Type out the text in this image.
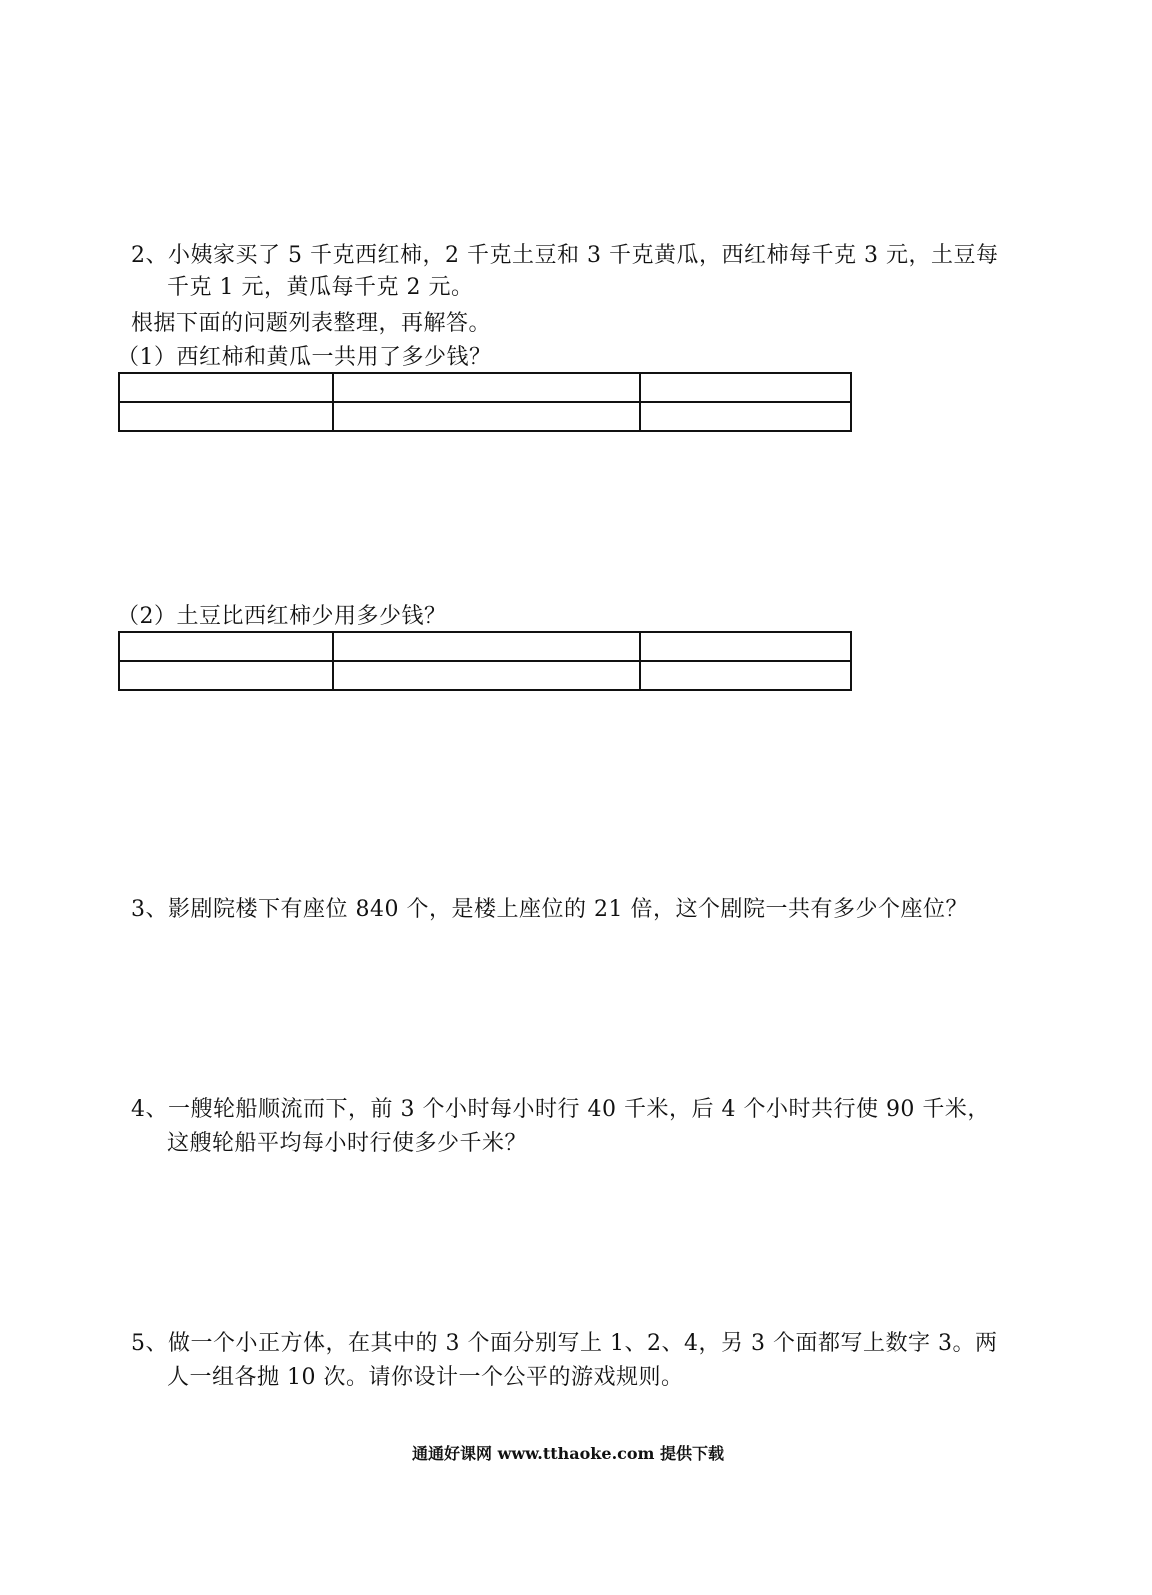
2、小姨家买了 5 千克西红柿，2 千克土豆和 3 千克黄瓜，西红柿每千克 3 元，土豆每
千克 1 元，黄瓜每千克 2 元。
根据下面的问题列表整理，再解答。
（1）西红柿和黄瓜一共用了多少钱？

（2）土豆比西红柿少用多少钱？

3、影剧院楼下有座位 840 个，是楼上座位的 21 倍，这个剧院一共有多少个座位？
4、一艘轮船顺流而下，前 3 个小时每小时行 40 千米，后 4 个小时共行使 90 千米，
这艘轮船平均每小时行使多少千米？
5、做一个小正方体，在其中的 3 个面分别写上 1、2、4，另 3 个面都写上数字 3。两
人一组各抛 10 次。请你设计一个公平的游戏规则。
通通好课网 www.tthaoke.com 提供下载
